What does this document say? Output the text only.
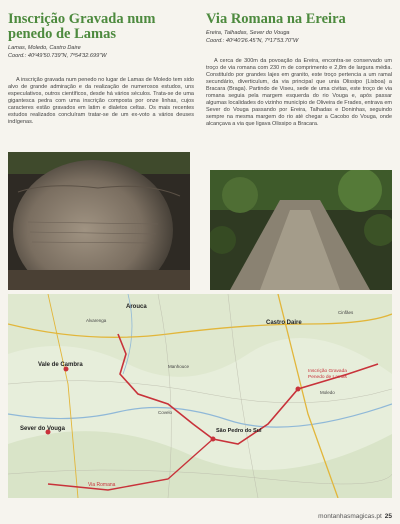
Inscrição Gravada num
penedo de Lamas
Lamas, Moledo, Castro Daire
Coord.: 40º49'50.739"N, 7º54'32.699"W

A inscrição gravada num penedo no lugar de Lamas de Moledo tem sido alvo de grande admiração e da realização de numerosos estudos, uns especulativos, outros científicos, desde há vários séculos. Trata-se de uma gigantesca pedra com uma inscrição composta por onze linhas, cujos caracteres estão gravados em latim e dialetos celtas. Os mais recentes estudos realizados concluíram tratar-se de um ex-voto a vários deuses indígenas.

Via Romana na Ereira
Ereira, Talhadas, Sever do Vouga
Coord.: 40º40'26.45"N, 7º17'53.70"W

A cerca de 300m da povoação da Ereira, encontra-se conservado um troço de via romana com 230 m de comprimento e 2,8m de largura média. Constituído por grandes lajes em granito, este troço pertencia a um ramal secundário, diverticulum, da via principal que unia Olissipo (Lisboa) a Bracara (Braga). Partindo de Viseu, sede de uma civitas, este troço de via romana seguia pela margem esquerda do rio Vouga e, após passar algumas localidades do vizinho município de Oliveira de Frades, entrava em Sever do Vouga passando por Ereira, Talhadas e Doninhas, seguindo sempre na mesma margem do rio até chegar a Cacobo do Vouga, onde alcançava a via que ligava Olissipo a Bracara.

Arouca
Castro Daire
Vale de Cambra
Sever do Vouga	São Pedro do Sul
Via Romana
Inscrição Gravada
Penedo de Lamas
Manhouce
Alvarenga
Cinfães
Moledo
Covelo
montanhasmagicas.pt 25
